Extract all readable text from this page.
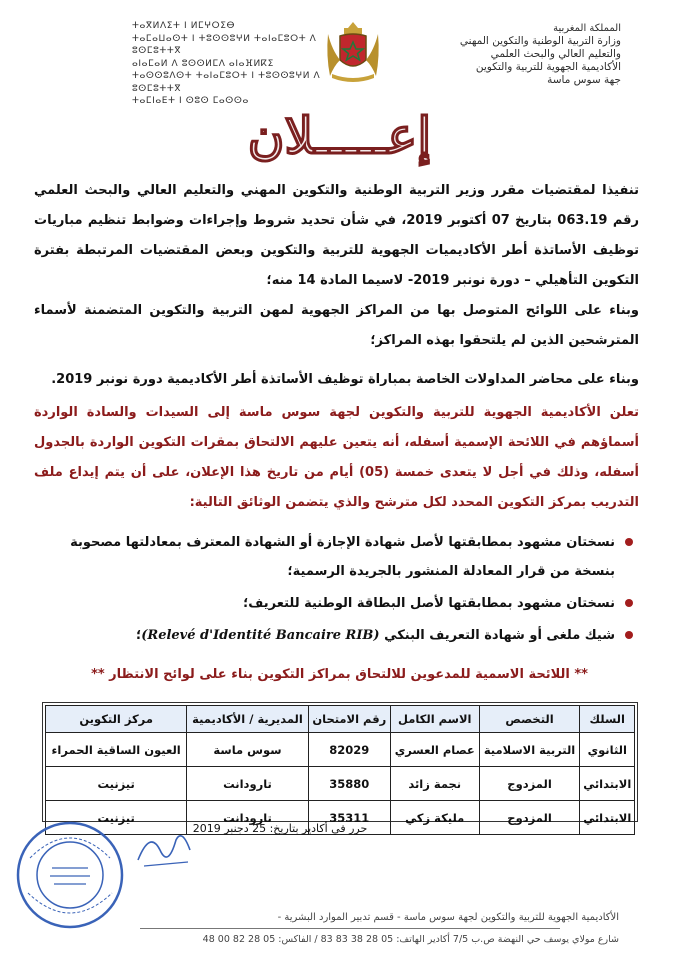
ⵜⴰⴳⵍⴷⵉⵜ ⵏ ⵍⵎⵖⵔⵉⴱ
ⵜⴰⵎⴰⵡⴰⵙⵜ ⵏ ⵜⵓⵙⵙⵓⵖⵍ ⵜⴰⵏⴰⵎⵓⵔⵜ ⴷ ⵓⵙⵎⵓⵜⵜⴳ
ⴰⵏⴰⵎⴰⵍ ⴷ ⵓⵙⵙⵍⵎⴷ ⴰⵏⴰⴼⵍⴽⵉ
ⵜⴰⵙⵙⵓⴷⵙⵜ ⵜⴰⵏⴰⵎⵓⵔⵜ ⵏ ⵜⵓⵙⵙⵓⵖⵍ ⴷ ⵓⵙⵎⵓⵜⵜⴳ
ⵜⴰⵎⵏⴰⴹⵜ ⵏ ⵙⵓⵙ ⵎⴰⵙⵙⴰ
المملكة المغربية
وزارة التربية الوطنية والتكوين المهني
والتعليم العالي والبحث العلمي
الأكاديمية الجهوية للتربية والتكوين
جهة سوس ماسة
إعـــــلان
تنفيذا لمقتضيات مقرر وزير التربية الوطنية والتكوين المهني والتعليم العالي والبحث العلمي رقم 063.19 بتاريخ 07 أكتوبر 2019، في شأن تحديد شروط وإجراءات وضوابط تنظيم مباريات توظيف الأساتذة أطر الأكاديميات الجهوية للتربية والتكوين وبعض المقتضيات المرتبطة بفترة التكوين التأهيلي – دورة نونبر 2019- لاسيما المادة 14 منه؛
وبناء على اللوائح المتوصل بها من المراكز الجهوية لمهن التربية والتكوين المتضمنة لأسماء المترشحين الذين لم يلتحقوا بهذه المراكز؛
وبناء على محاضر المداولات الخاصة بمباراة توظيف الأساتذة أطر الأكاديمية دورة نونبر 2019.
تعلن الأكاديمية الجهوية للتربية والتكوين لجهة سوس ماسة إلى السيدات والسادة الواردة أسماؤهم في اللائحة الإسمية أسفله، أنه يتعين عليهم الالتحاق بمقرات التكوين الواردة بالجدول أسفله، وذلك في أجل لا يتعدى خمسة (05) أيام من تاريخ هذا الإعلان، على أن يتم إيداع ملف التدريب بمركز التكوين المحدد لكل مترشح والذي يتضمن الوثائق التالية:
نسختان مشهود بمطابقتها لأصل شهادة الإجازة أو الشهادة المعترف بمعادلتها مصحوبة بنسخة من قرار المعادلة المنشور بالجريدة الرسمية؛
نسختان مشهود بمطابقتها لأصل البطاقة الوطنية للتعريف؛
شيك ملغى أو شهادة التعريف البنكي (Relevé d'Identité Bancaire RIB)؛
** اللائحة الاسمية للمدعوين للالتحاق بمراكز التكوين بناء على لوائح الانتظار **
السلك	التخصص	الاسم الكامل	رقم الامتحان	المديرية / الأكاديمية	مركز التكوين
الثانوي	التربية الاسلامية	عصام العسري	82029	سوس ماسة	العيون الساقية الحمراء
الابتدائي	المزدوج	نجمة زائد	35880	تارودانت	تيزنيت
الابتدائي	المزدوج	مليكة زكي	35311	تارودانت	تيزنيت
حرر في أكادير بتاريخ: 25 دجنبر 2019
الأكاديمية الجهوية للتربية والتكوين لجهة سوس ماسة - قسم تدبير الموارد البشرية -
شارع مولاي يوسف حي النهضة ص.ب 7/5 أكادير الهاتف: 05 28 38 83 83 / الفاكس: 05 28 82 00 48
